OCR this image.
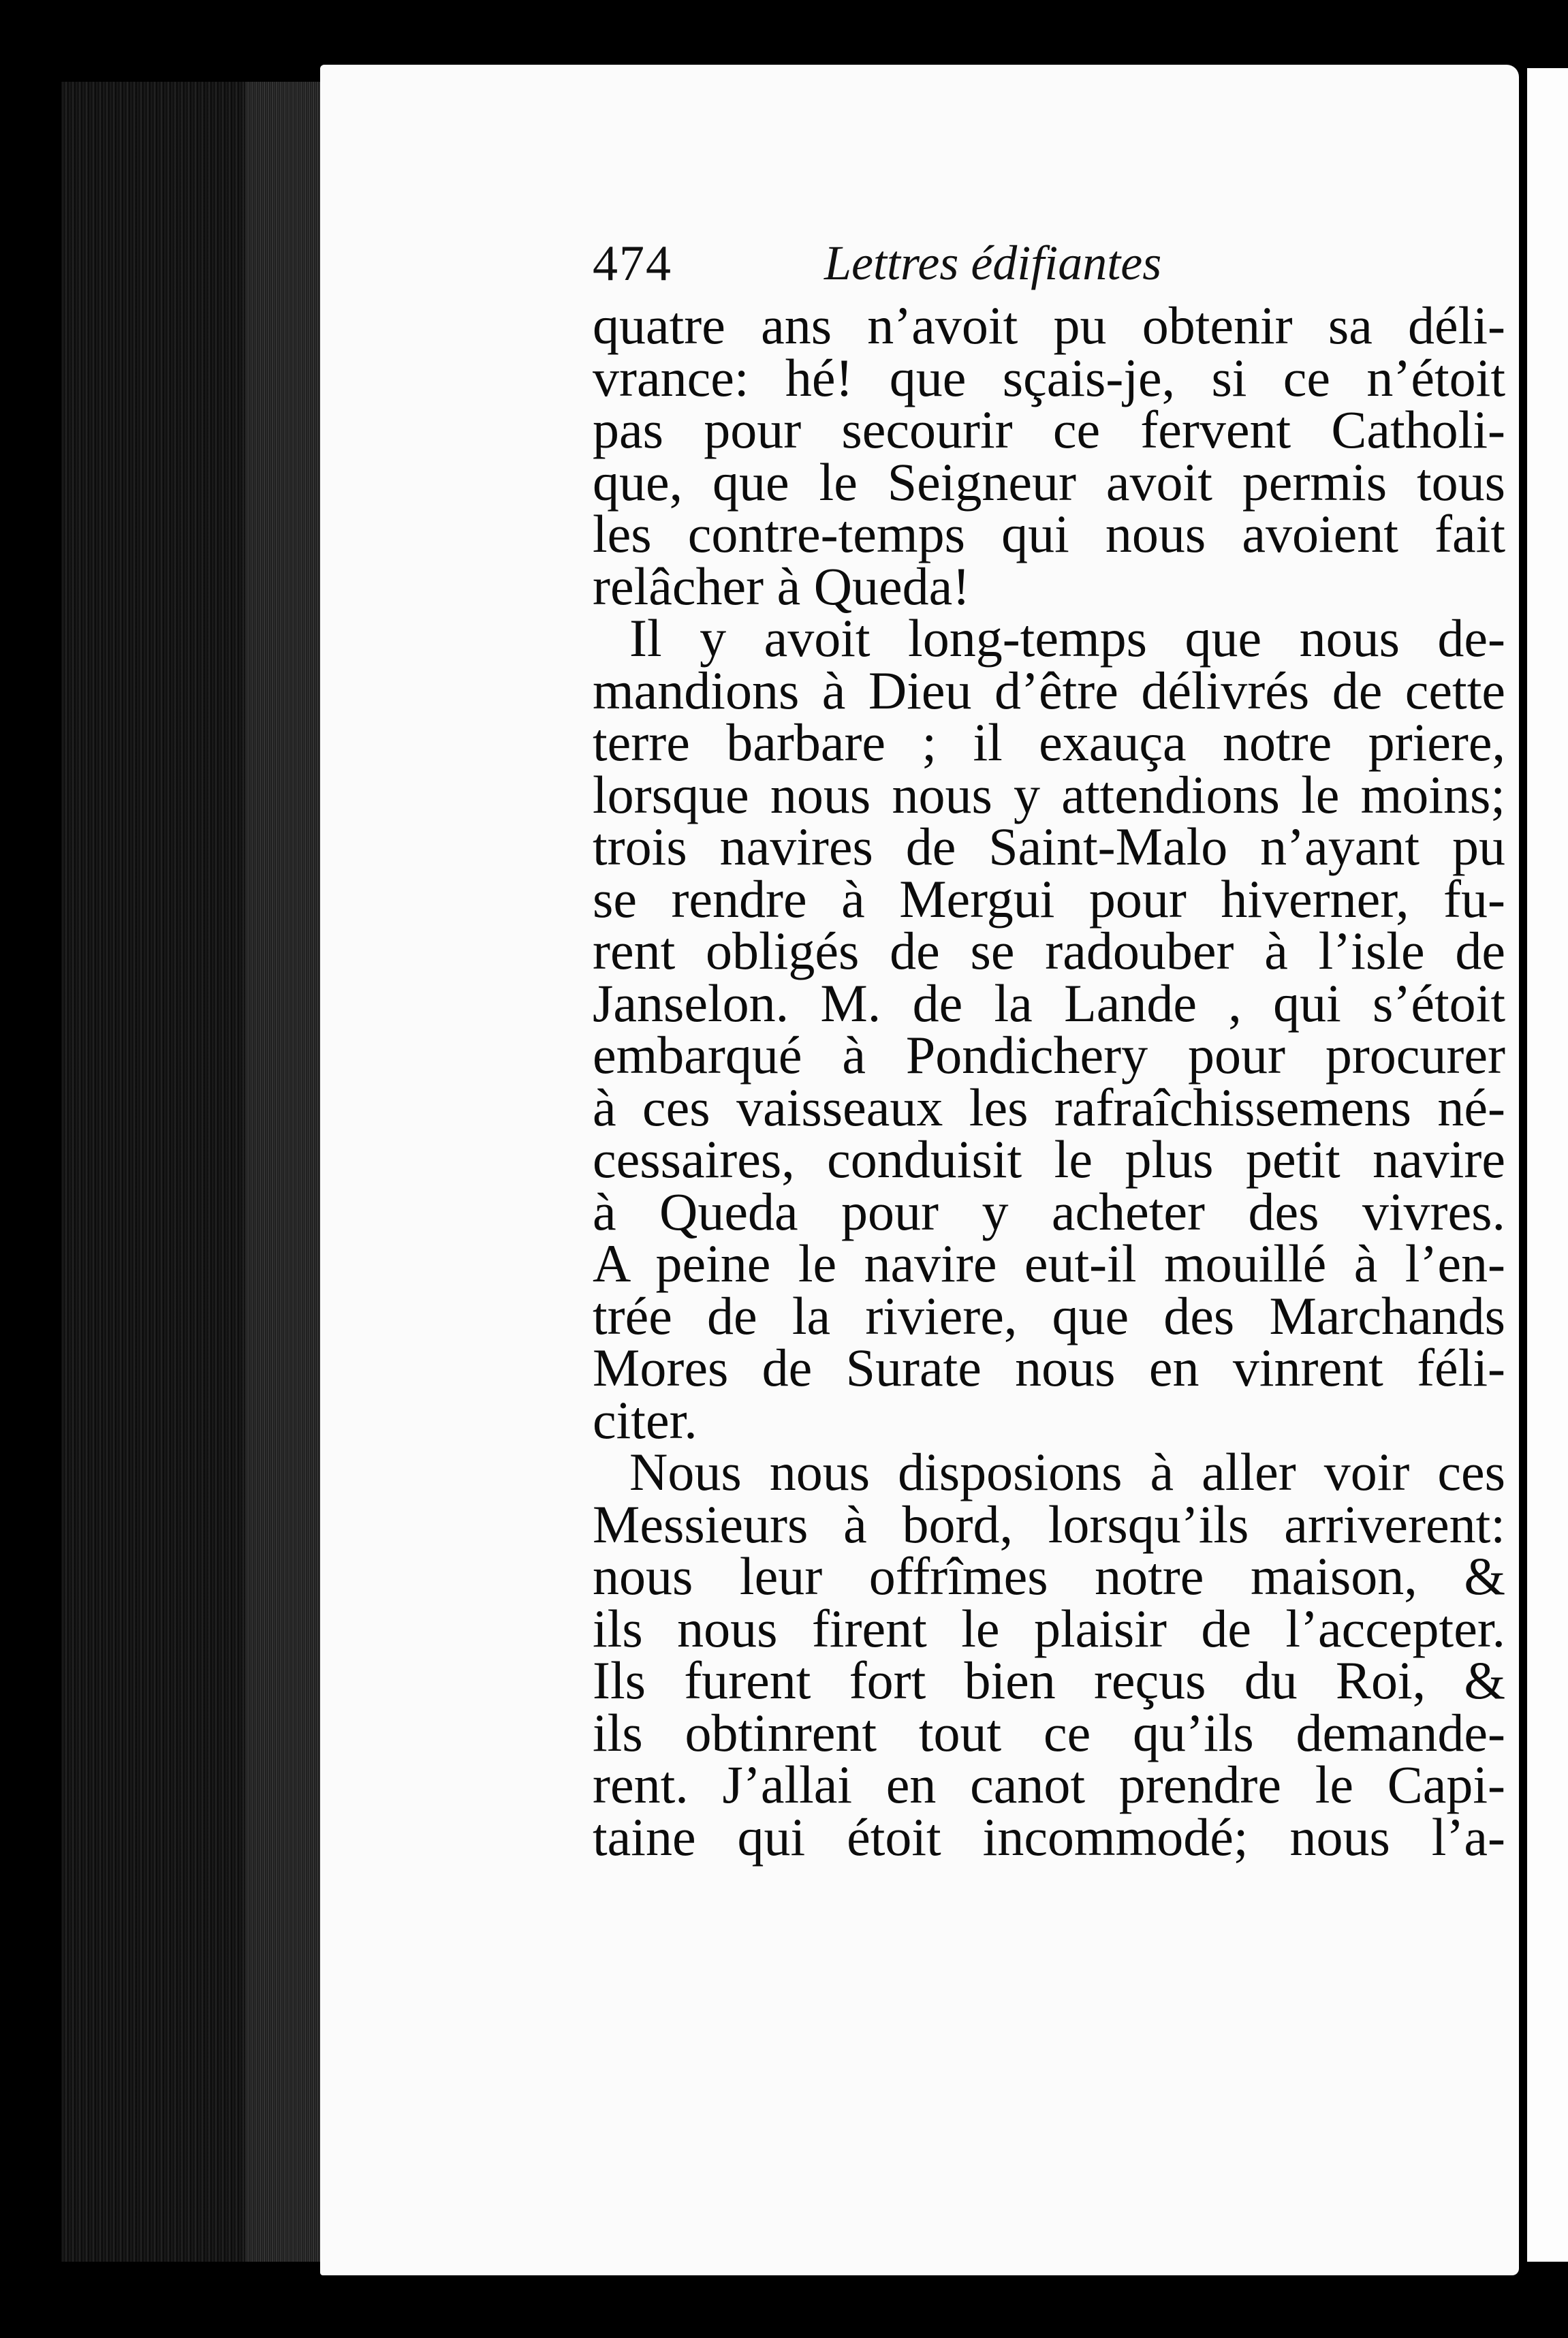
474	Lettres édifiantes
quatre ans n’avoit pu obtenir sa déli-
vrance: hé! que sçais-je, si ce n’étoit
pas pour secourir ce fervent Catholi-
que, que le Seigneur avoit permis tous
les contre-temps qui nous avoient fait
relâcher à Queda!
Il y avoit long-temps que nous de-
mandions à Dieu d’être délivrés de cette
terre barbare ; il exauça notre priere,
lorsque nous nous y attendions le moins;
trois navires de Saint-Malo n’ayant pu
se rendre à Mergui pour hiverner, fu-
rent obligés de se radouber à l’isle de
Janselon. M. de la Lande , qui s’étoit
embarqué à Pondichery pour procurer
à ces vaisseaux les rafraîchissemens né-
cessaires, conduisit le plus petit navire
à Queda pour y acheter des vivres.
A peine le navire eut-il mouillé à l’en-
trée de la riviere, que des Marchands
Mores de Surate nous en vinrent féli-
citer.
Nous nous disposions à aller voir ces
Messieurs à bord, lorsqu’ils arriverent:
nous leur offrîmes notre maison, &
ils nous firent le plaisir de l’accepter.
Ils furent fort bien reçus du Roi, &
ils obtinrent tout ce qu’ils demande-
rent. J’allai en canot prendre le Capi-
taine qui étoit incommodé; nous l’a-
